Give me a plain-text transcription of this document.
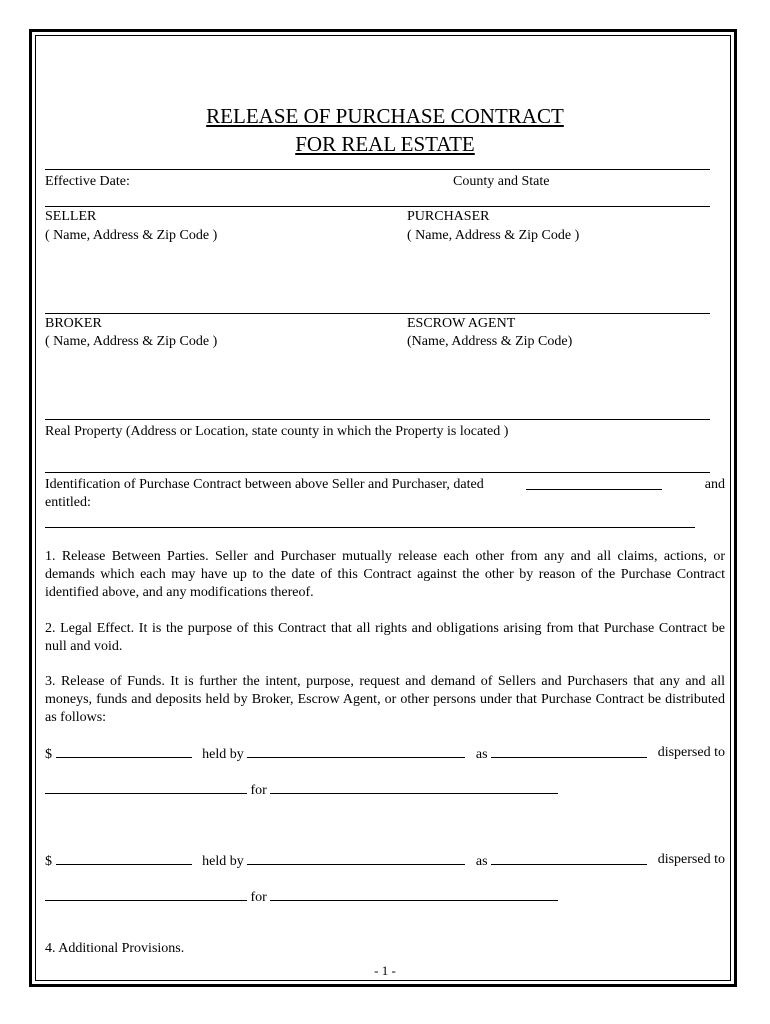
RELEASE OF PURCHASE CONTRACT
FOR REAL ESTATE
Effective Date:	County and State
SELLER
( Name, Address & Zip Code )
PURCHASER
( Name, Address & Zip Code )
BROKER
( Name, Address & Zip Code )
ESCROW AGENT
(Name, Address & Zip Code)
Real Property (Address or Location, state county in which the Property is located )
Identification of Purchase Contract between above Seller and Purchaser, dated	and
entitled:
1. Release Between Parties. Seller and Purchaser mutually release each other from any and all claims, actions, or demands which each may have up to the date of this Contract against the other by reason of the Purchase Contract identified above, and any modifications thereof.
2. Legal Effect. It is the purpose of this Contract that all rights and obligations arising from that Purchase Contract be null and void.
3. Release of Funds. It is further the intent, purpose, request and demand of Sellers and Purchasers that any and all moneys, funds and deposits held by Broker, Escrow Agent, or other persons under that Purchase Contract be distributed as follows:
$	held by	as	dispersed to
for
$	held by	as	dispersed to
for
4. Additional Provisions.
- 1 -
